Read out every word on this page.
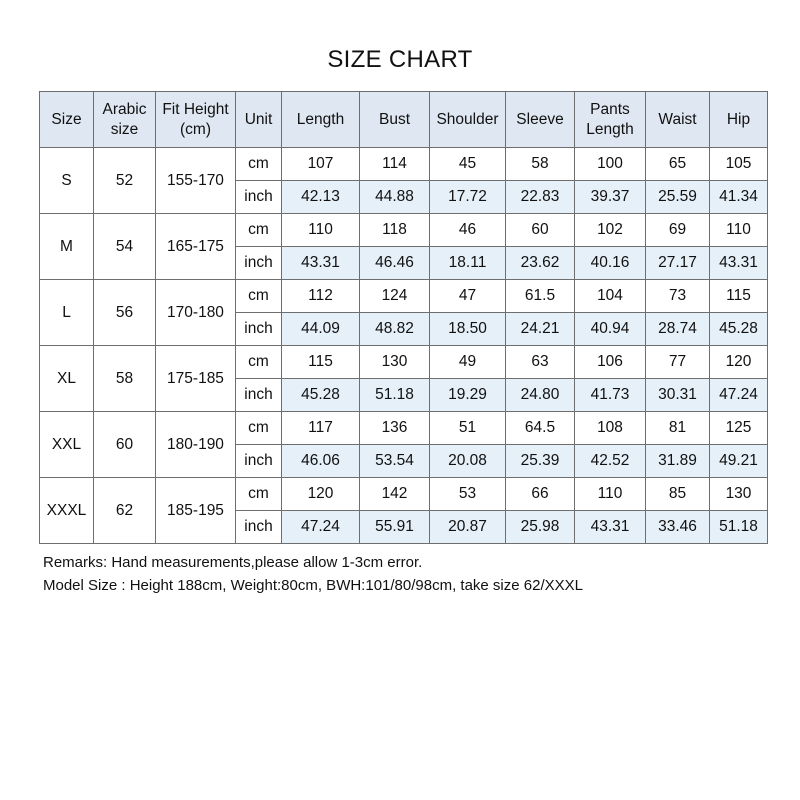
SIZE CHART
Size	Arabic size	Fit Height (cm)	Unit	Length	Bust	Shoulder	Sleeve	Pants Length	Waist	Hip
S	52	155-170	cm	107	114	45	58	100	65	105
			inch	42.13	44.88	17.72	22.83	39.37	25.59	41.34
M	54	165-175	cm	110	118	46	60	102	69	110
			inch	43.31	46.46	18.11	23.62	40.16	27.17	43.31
L	56	170-180	cm	112	124	47	61.5	104	73	115
			inch	44.09	48.82	18.50	24.21	40.94	28.74	45.28
XL	58	175-185	cm	115	130	49	63	106	77	120
			inch	45.28	51.18	19.29	24.80	41.73	30.31	47.24
XXL	60	180-190	cm	117	136	51	64.5	108	81	125
			inch	46.06	53.54	20.08	25.39	42.52	31.89	49.21
XXXL	62	185-195	cm	120	142	53	66	110	85	130
			inch	47.24	55.91	20.87	25.98	43.31	33.46	51.18
Remarks: Hand measurements,please allow 1-3cm error.
Model Size : Height 188cm, Weight:80cm, BWH:101/80/98cm, take size 62/XXXL
